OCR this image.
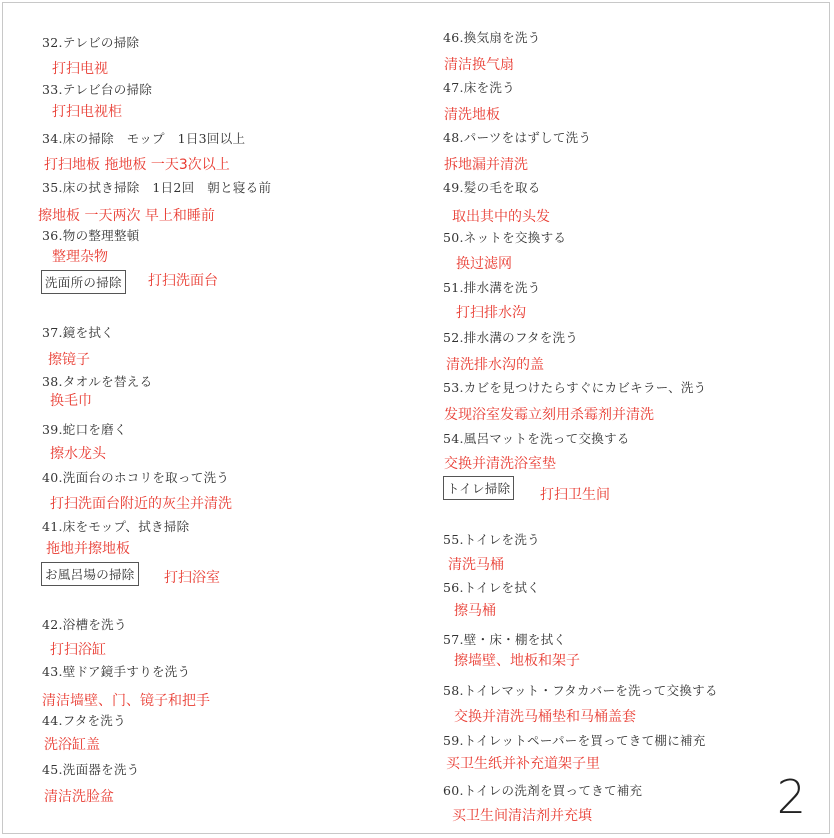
32.テレビの掃除
打扫电视
33.テレビ台の掃除
打扫电视柜
34.床の掃除　モップ　1日3回以上
打扫地板 拖地板 一天3次以上
35.床の拭き掃除　1日2回　朝と寝る前
擦地板 一天两次 早上和睡前
36.物の整理整頓
整理杂物
洗面所の掃除 打扫洗面台
37.鏡を拭く
擦镜子
38.タオルを替える
换毛巾
39.蛇口を磨く
擦水龙头
40.洗面台のホコリを取って洗う
打扫洗面台附近的灰尘并清洗
41.床をモップ、拭き掃除
拖地并擦地板
お風呂場の掃除 打扫浴室
42.浴槽を洗う
打扫浴缸
43.壁ドア鏡手すりを洗う
清洁墙壁、门、镜子和把手
44.フタを洗う
洗浴缸盖
45.洗面器を洗う
清洁洗脸盆
46.換気扇を洗う
清洁换气扇
47.床を洗う
清洗地板
48.パーツをはずして洗う
拆地漏并清洗
49.髪の毛を取る
取出其中的头发
50.ネットを交換する
换过滤网
51.排水溝を洗う
打扫排水沟
52.排水溝のフタを洗う
清洗排水沟的盖
53.カビを見つけたらすぐにカビキラー、洗う
发现浴室发霉立刻用杀霉剂并清洗
54.風呂マットを洗って交換する
交换并清洗浴室垫
トイレ掃除 打扫卫生间
55.トイレを洗う
清洗马桶
56.トイレを拭く
擦马桶
57.壁・床・棚を拭く
擦墙壁、地板和架子
58.トイレマット・フタカバーを洗って交換する
交换并清洗马桶垫和马桶盖套
59.トイレットペーパーを買ってきて棚に補充
买卫生纸并补充道架子里
60.トイレの洗剤を買ってきて補充
买卫生间清洁剂并充填	2
